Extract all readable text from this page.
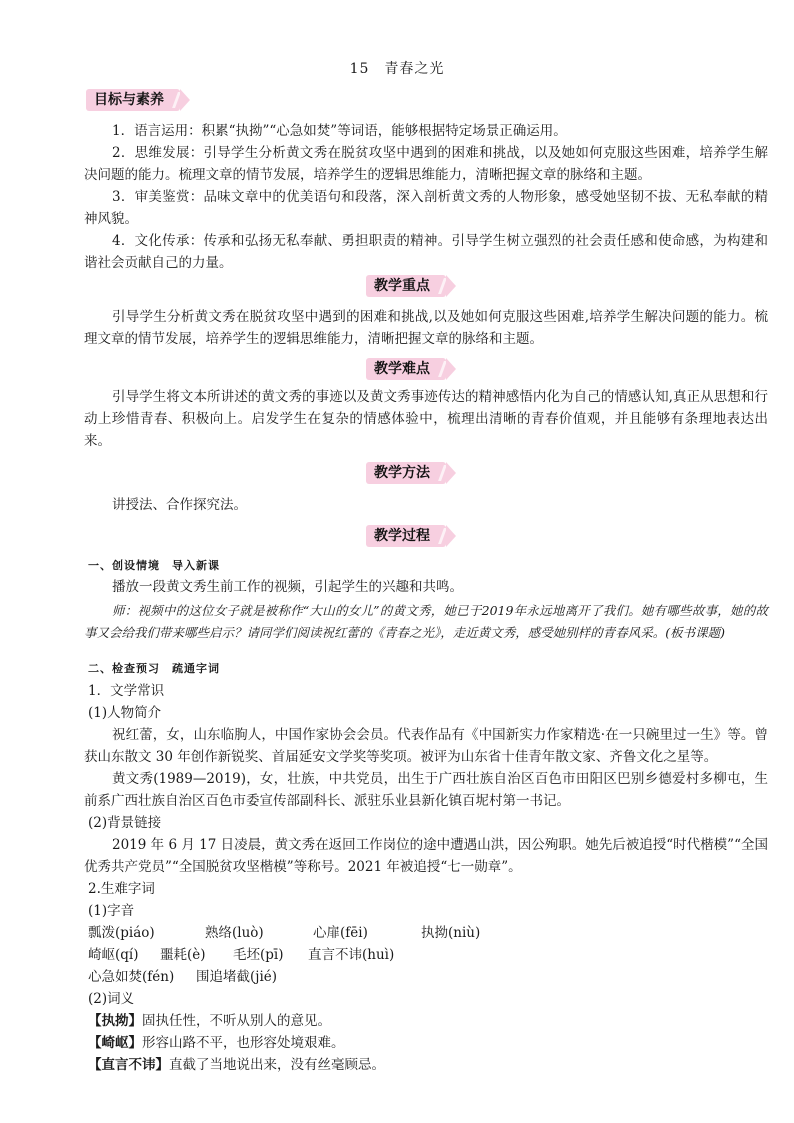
15　青春之光
目标与素养
1．语言运用：积累“执拗”“心急如焚”等词语，能够根据特定场景正确运用。
2．思维发展：引导学生分析黄文秀在脱贫攻坚中遇到的困难和挑战，以及她如何克服这些困难，培养学生解决问题的能力。梳理文章的情节发展，培养学生的逻辑思维能力，清晰把握文章的脉络和主题。
3．审美鉴赏：品味文章中的优美语句和段落，深入剖析黄文秀的人物形象，感受她坚韧不拔、无私奉献的精神风貌。
4．文化传承：传承和弘扬无私奉献、勇担职责的精神。引导学生树立强烈的社会责任感和使命感，为构建和谐社会贡献自己的力量。
教学重点
引导学生分析黄文秀在脱贫攻坚中遇到的困难和挑战,以及她如何克服这些困难,培养学生解决问题的能力。梳理文章的情节发展，培养学生的逻辑思维能力，清晰把握文章的脉络和主题。
教学难点
引导学生将文本所讲述的黄文秀的事迹以及黄文秀事迹传达的精神感悟内化为自己的情感认知,真正从思想和行动上珍惜青春、积极向上。启发学生在复杂的情感体验中，梳理出清晰的青春价值观，并且能够有条理地表达出来。
教学方法
讲授法、合作探究法。
教学过程
一、创设情境　导入新课
播放一段黄文秀生前工作的视频，引起学生的兴趣和共鸣。
师：视频中的这位女子就是被称作“大山的女儿”的黄文秀，她已于2019年永远地离开了我们。她有哪些故事，她的故事又会给我们带来哪些启示？请同学们阅读祝红蕾的《青春之光》，走近黄文秀，感受她别样的青春风采。(板书课题)
二、检查预习　疏通字词
1．文学常识
(1)人物简介
祝红蕾，女，山东临朐人，中国作家协会会员。代表作品有《中国新实力作家精选·在一只碗里过一生》等。曾获山东散文 30 年创作新锐奖、首届延安文学奖等奖项。被评为山东省十佳青年散文家、齐鲁文化之星等。
黄文秀(1989—2019)，女，壮族，中共党员，出生于广西壮族自治区百色市田阳区巴别乡德爱村多柳屯，生前系广西壮族自治区百色市委宣传部副科长、派驻乐业县新化镇百坭村第一书记。
(2)背景链接
2019 年 6 月 17 日凌晨，黄文秀在返回工作岗位的途中遭遇山洪，因公殉职。她先后被追授“时代楷模”“全国优秀共产党员”“全国脱贫攻坚楷模”等称号。2021 年被追授“七一勋章”。
2.生难字词
(1)字音
瓢泼(piáo)	熟络(luò)	心扉(fēi)	执拗(niù)
崎岖(qí) 噩耗(è) 毛坯(pī) 直言不讳(huì)
心急如焚(fén) 围追堵截(jié)
(2)词义
【执拗】固执任性，不听从别人的意见。
【崎岖】形容山路不平，也形容处境艰难。
【直言不讳】直截了当地说出来，没有丝毫顾忌。
